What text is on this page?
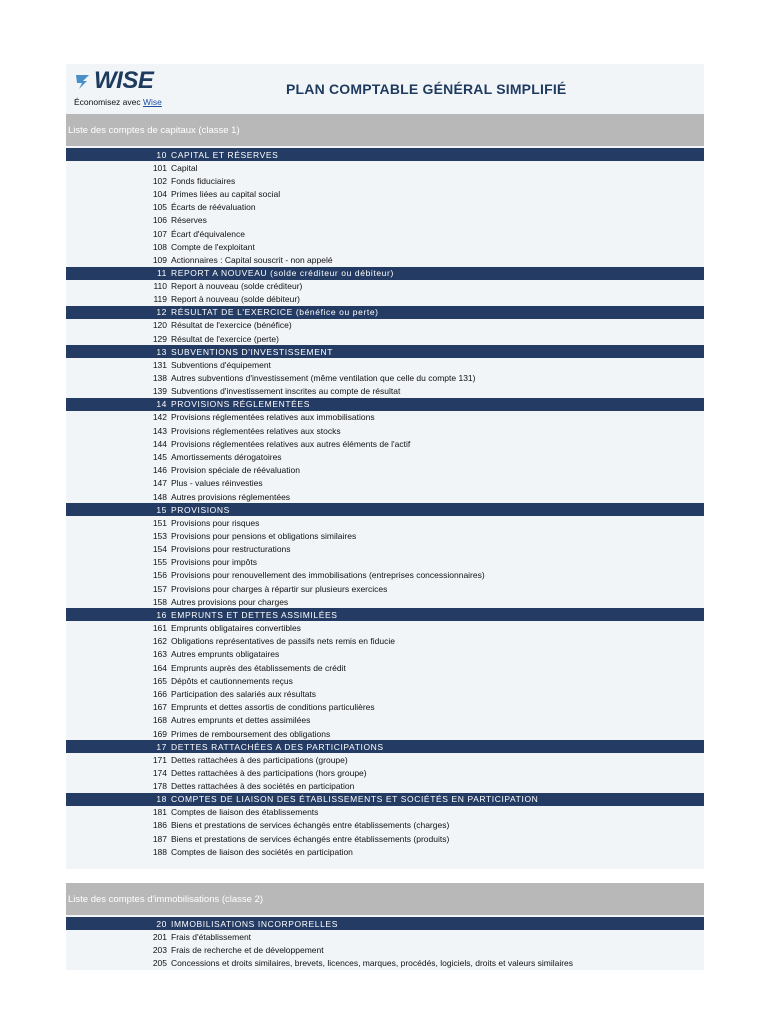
WISE
Économisez avec Wise
PLAN COMPTABLE GÉNÉRAL SIMPLIFIÉ
Liste des comptes de capitaux (classe 1)
10 CAPITAL ET RÉSERVES
101 Capital
102 Fonds fiduciaires
104 Primes liées au capital social
105 Écarts de réévaluation
106 Réserves
107 Écart d'équivalence
108 Compte de l'exploitant
109 Actionnaires : Capital souscrit - non appelé
11 REPORT A NOUVEAU (solde créditeur ou débiteur)
110 Report à nouveau (solde créditeur)
119 Report à nouveau (solde débiteur)
12 RÉSULTAT DE L'EXERCICE (bénéfice ou perte)
120 Résultat de l'exercice (bénéfice)
129 Résultat de l'exercice (perte)
13 SUBVENTIONS D'INVESTISSEMENT
131 Subventions d'équipement
138 Autres subventions d'investissement (même ventilation que celle du compte 131)
139 Subventions d'investissement inscrites au compte de résultat
14 PROVISIONS RÉGLEMENTÉES
142 Provisions réglementées relatives aux immobilisations
143 Provisions réglementées relatives aux stocks
144 Provisions réglementées relatives aux autres éléments de l'actif
145 Amortissements dérogatoires
146 Provision spéciale de réévaluation
147 Plus - values réinvesties
148 Autres provisions réglementées
15 PROVISIONS
151 Provisions pour risques
153 Provisions pour pensions et obligations similaires
154 Provisions pour restructurations
155 Provisions pour impôts
156 Provisions pour renouvellement des immobilisations (entreprises concessionnaires)
157 Provisions pour charges à répartir sur plusieurs exercices
158 Autres provisions pour charges
16 EMPRUNTS ET DETTES ASSIMILÉES
161 Emprunts obligataires convertibles
162 Obligations représentatives de passifs nets remis en fiducie
163 Autres emprunts obligataires
164 Emprunts auprès des établissements de crédit
165 Dépôts et cautionnements reçus
166 Participation des salariés aux résultats
167 Emprunts et dettes assortis de conditions particulières
168 Autres emprunts et dettes assimilées
169 Primes de remboursement des obligations
17 DETTES RATTACHÉES A DES PARTICIPATIONS
171 Dettes rattachées à des participations (groupe)
174 Dettes rattachées à des participations (hors groupe)
178 Dettes rattachées à des sociétés en participation
18 COMPTES DE LIAISON DES ÉTABLISSEMENTS ET SOCIÉTÉS EN PARTICIPATION
181 Comptes de liaison des établissements
186 Biens et prestations de services échangés entre établissements (charges)
187 Biens et prestations de services échangés entre établissements (produits)
188 Comptes de liaison des sociétés en participation
Liste des comptes d'immobilisations (classe 2)
20 IMMOBILISATIONS INCORPORELLES
201 Frais d'établissement
203 Frais de recherche et de développement
205 Concessions et droits similaires, brevets, licences, marques, procédés, logiciels, droits et valeurs similaires
